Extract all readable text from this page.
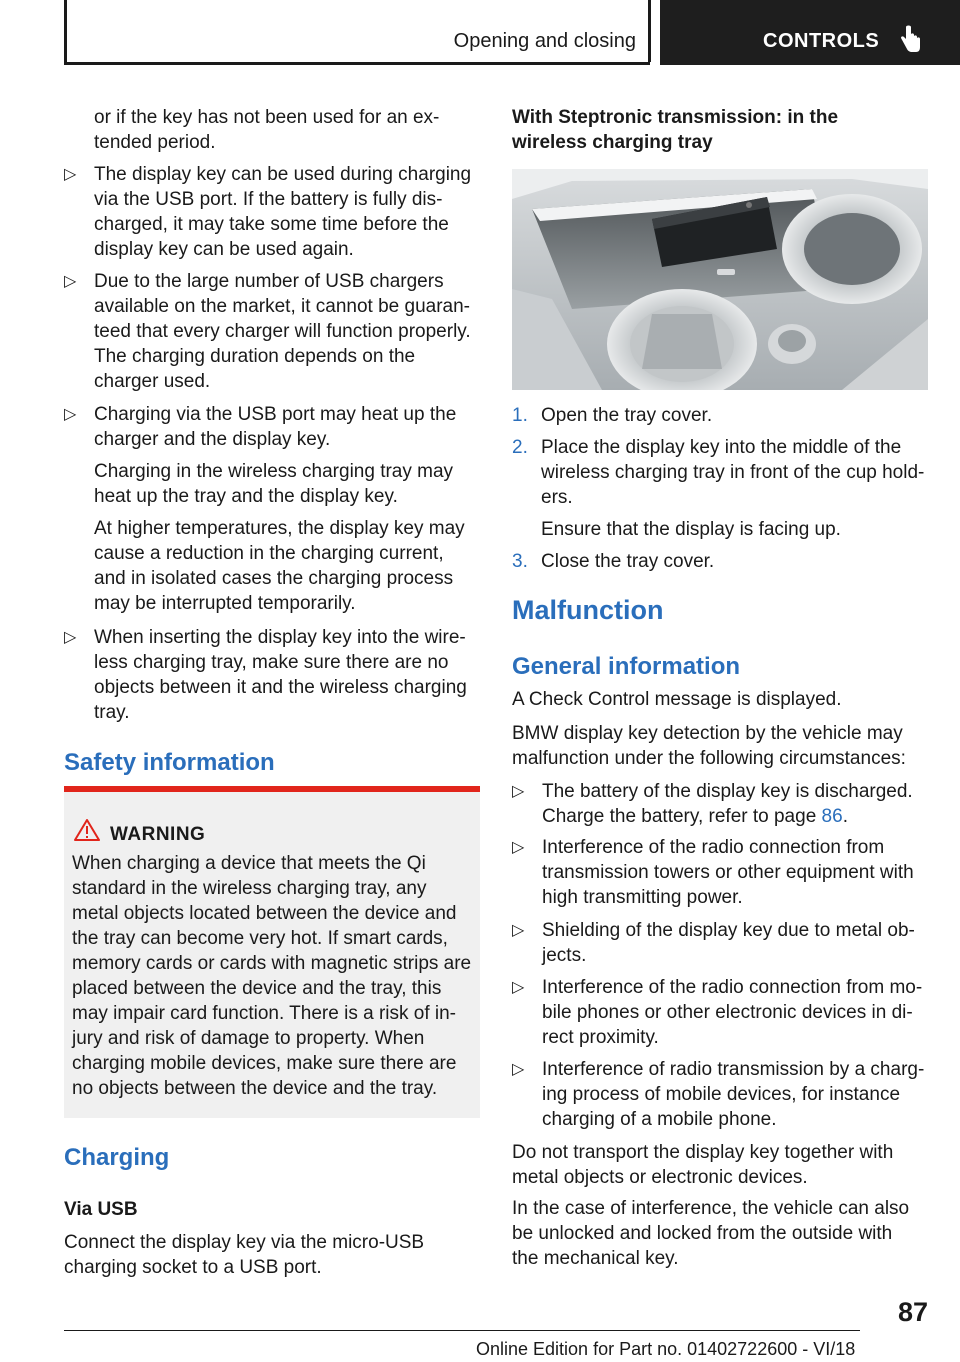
Opening and closing	CONTROLS
or if the key has not been used for an ex-
tended period.
▷ The display key can be used during charging
via the USB port. If the battery is fully dis-
charged, it may take some time before the
display key can be used again.
▷ Due to the large number of USB chargers
available on the market, it cannot be guaran-
teed that every charger will function properly.
The charging duration depends on the
charger used.
▷ Charging via the USB port may heat up the
charger and the display key.
Charging in the wireless charging tray may
heat up the tray and the display key.
At higher temperatures, the display key may
cause a reduction in the charging current,
and in isolated cases the charging process
may be interrupted temporarily.
▷ When inserting the display key into the wire-
less charging tray, make sure there are no
objects between it and the wireless charging
tray.
Safety information
WARNING
When charging a device that meets the Qi
standard in the wireless charging tray, any
metal objects located between the device and
the tray can become very hot. If smart cards,
memory cards or cards with magnetic strips are
placed between the device and the tray, this
may impair card function. There is a risk of in-
jury and risk of damage to property. When
charging mobile devices, make sure there are
no objects between the device and the tray.
Charging
Via USB
Connect the display key via the micro-USB
charging socket to a USB port.
With Steptronic transmission: in the
wireless charging tray
1. Open the tray cover.
2. Place the display key into the middle of the
wireless charging tray in front of the cup hold-
ers.
Ensure that the display is facing up.
3. Close the tray cover.
Malfunction
General information
A Check Control message is displayed.
BMW display key detection by the vehicle may
malfunction under the following circumstances:
▷ The battery of the display key is discharged.
Charge the battery, refer to page 86.
▷ Interference of the radio connection from
transmission towers or other equipment with
high transmitting power.
▷ Shielding of the display key due to metal ob-
jects.
▷ Interference of the radio connection from mo-
bile phones or other electronic devices in di-
rect proximity.
▷ Interference of radio transmission by a charg-
ing process of mobile devices, for instance
charging of a mobile phone.
Do not transport the display key together with
metal objects or electronic devices.
In the case of interference, the vehicle can also
be unlocked and locked from the outside with
the mechanical key.
87
Online Edition for Part no. 01402722600 - VI/18
